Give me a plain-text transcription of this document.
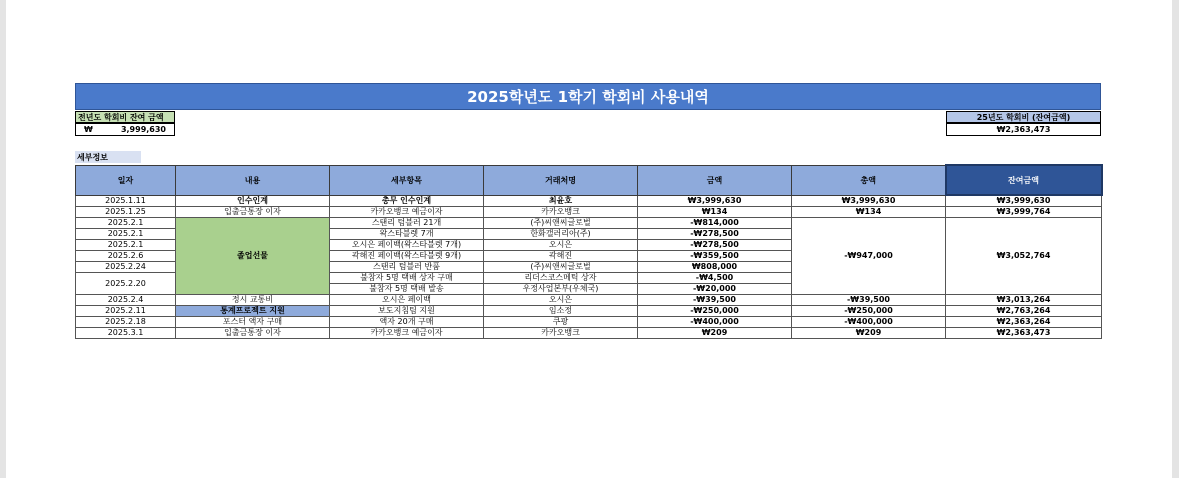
2025학년도 1학기 학회비 사용내역
전년도 학회비 잔여 금액
₩	3,999,630
25년도 학회비 (잔여금액)
₩2,363,473
세부정보
일자	내용	세부항목	거래처명	금액	총액	잔여금액
2025.1.11	인수인계	총무 인수인계	최윤호	₩3,999,630	₩3,999,630	₩3,999,630
2025.1.25	입출금통장 이자	카카오뱅크 예금이자	카카오뱅크	₩134	₩134	₩3,999,764
2025.2.1	졸업선물	스탠리 텀블러 21개	(주)씨앤씨글로벌	-₩814,000	-₩947,000	₩3,052,764
2025.2.1		왁스타블렛 7개	한화갤러리아(주)	-₩278,500		
2025.2.1		오시은 페이백(왁스타블렛 7개)	오시은	-₩278,500		
2025.2.6		곽해진 페이백(왁스타블렛 9개)	곽해진	-₩359,500		
2025.2.24		스탠리 텀블러 반품	(주)씨앤씨글로벌	₩808,000		
2025.2.20		불참자 5명 택배 상자 구매	리더스코스메틱 상자	-₩4,500		
		불참자 5명 택배 발송	우정사업본부(우체국)	-₩20,000		
2025.2.4	정시 교통비	오시은 페이백	오시은	-₩39,500	-₩39,500	₩3,013,264
2025.2.11	통계프로젝트 지원	보도지침팀 지원	임소정	-₩250,000	-₩250,000	₩2,763,264
2025.2.18	포스터 액자 구매	액자 20개 구매	쿠팡	-₩400,000	-₩400,000	₩2,363,264
2025.3.1	입출금통장 이자	카카오뱅크 예금이자	카카오뱅크	₩209	₩209	₩2,363,473
